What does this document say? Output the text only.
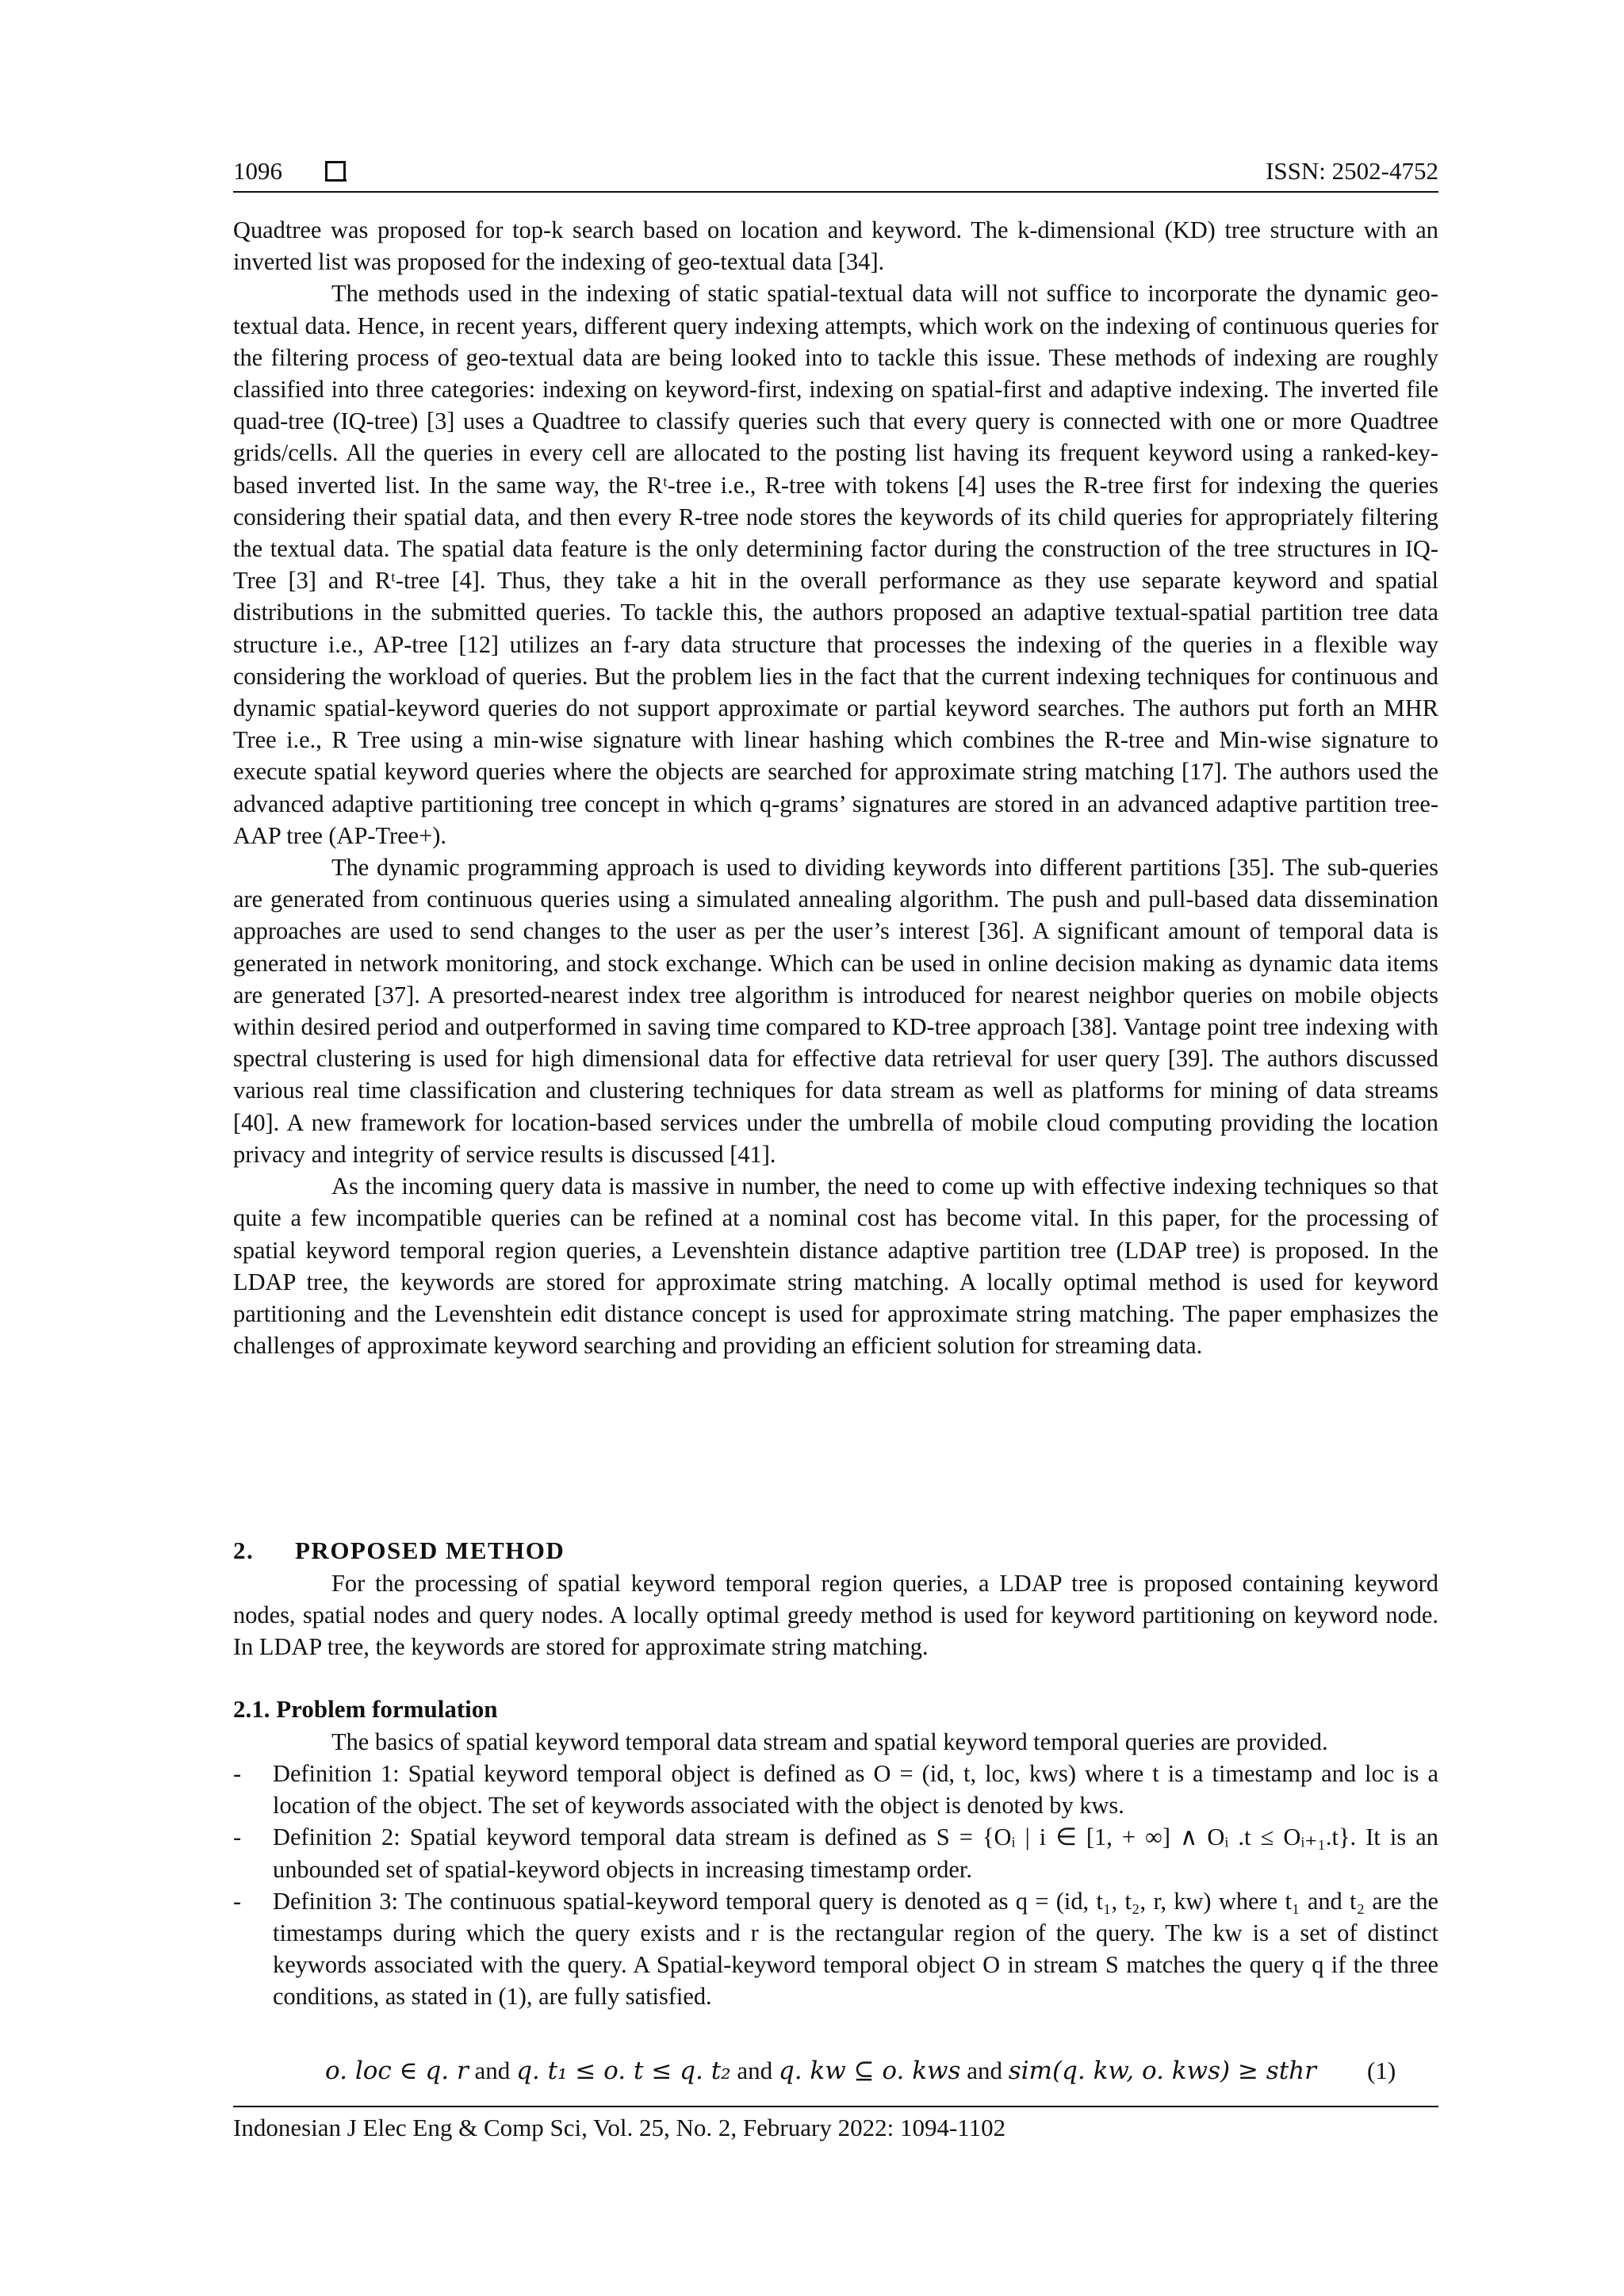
1096	ISSN: 2502-4752

Quadtree was proposed for top-k search based on location and keyword. The k-dimensional (KD) tree structure with an inverted list was proposed for the indexing of geo-textual data [34].

The methods used in the indexing of static spatial-textual data will not suffice to incorporate the dynamic geo-textual data. Hence, in recent years, different query indexing attempts, which work on the indexing of continuous queries for the filtering process of geo-textual data are being looked into to tackle this issue. These methods of indexing are roughly classified into three categories: indexing on keyword-first, indexing on spatial-first and adaptive indexing. The inverted file quad-tree (IQ-tree) [3] uses a Quadtree to classify queries such that every query is connected with one or more Quadtree grids/cells. All the queries in every cell are allocated to the posting list having its frequent keyword using a ranked-key-based inverted list. In the same way, the Rᵗ-tree i.e., R-tree with tokens [4] uses the R-tree first for indexing the queries considering their spatial data, and then every R-tree node stores the keywords of its child queries for appropriately filtering the textual data. The spatial data feature is the only determining factor during the construction of the tree structures in IQ-Tree [3] and Rᵗ-tree [4]. Thus, they take a hit in the overall performance as they use separate keyword and spatial distributions in the submitted queries. To tackle this, the authors proposed an adaptive textual-spatial partition tree data structure i.e., AP-tree [12] utilizes an f-ary data structure that processes the indexing of the queries in a flexible way considering the workload of queries. But the problem lies in the fact that the current indexing techniques for continuous and dynamic spatial-keyword queries do not support approximate or partial keyword searches. The authors put forth an MHR Tree i.e., R Tree using a min-wise signature with linear hashing which combines the R-tree and Min-wise signature to execute spatial keyword queries where the objects are searched for approximate string matching [17]. The authors used the advanced adaptive partitioning tree concept in which q-grams’ signatures are stored in an advanced adaptive partition tree-AAP tree (AP-Tree+).

The dynamic programming approach is used to dividing keywords into different partitions [35]. The sub-queries are generated from continuous queries using a simulated annealing algorithm. The push and pull-based data dissemination approaches are used to send changes to the user as per the user’s interest [36]. A significant amount of temporal data is generated in network monitoring, and stock exchange. Which can be used in online decision making as dynamic data items are generated [37]. A presorted-nearest index tree algorithm is introduced for nearest neighbor queries on mobile objects within desired period and outperformed in saving time compared to KD-tree approach [38]. Vantage point tree indexing with spectral clustering is used for high dimensional data for effective data retrieval for user query [39]. The authors discussed various real time classification and clustering techniques for data stream as well as platforms for mining of data streams [40]. A new framework for location-based services under the umbrella of mobile cloud computing providing the location privacy and integrity of service results is discussed [41].

As the incoming query data is massive in number, the need to come up with effective indexing techniques so that quite a few incompatible queries can be refined at a nominal cost has become vital. In this paper, for the processing of spatial keyword temporal region queries, a Levenshtein distance adaptive partition tree (LDAP tree) is proposed. In the LDAP tree, the keywords are stored for approximate string matching. A locally optimal method is used for keyword partitioning and the Levenshtein edit distance concept is used for approximate string matching. The paper emphasizes the challenges of approximate keyword searching and providing an efficient solution for streaming data.

2. PROPOSED METHOD

For the processing of spatial keyword temporal region queries, a LDAP tree is proposed containing keyword nodes, spatial nodes and query nodes. A locally optimal greedy method is used for keyword partitioning on keyword node. In LDAP tree, the keywords are stored for approximate string matching.

2.1. Problem formulation

The basics of spatial keyword temporal data stream and spatial keyword temporal queries are provided.

- Definition 1: Spatial keyword temporal object is defined as O = (id, t, loc, kws) where t is a timestamp and loc is a location of the object. The set of keywords associated with the object is denoted by kws.
- Definition 2: Spatial keyword temporal data stream is defined as S = {Oᵢ | i ∈ [1, + ∞] ∧ Oᵢ .t ≤ Oᵢ₊₁.t}. It is an unbounded set of spatial-keyword objects in increasing timestamp order.
- Definition 3: The continuous spatial-keyword temporal query is denoted as q = (id, t₁, t₂, r, kw) where t₁ and t₂ are the timestamps during which the query exists and r is the rectangular region of the query. The kw is a set of distinct keywords associated with the query. A Spatial-keyword temporal object O in stream S matches the query q if the three conditions, as stated in (1), are fully satisfied.
o. loc ∈ q. r and q. t₁ ≤ o. t ≤ q. t₂ and q. kw ⊆ o. kws and sim(q. kw, o. kws) ≥ sthr	(1)
Indonesian J Elec Eng & Comp Sci, Vol. 25, No. 2, February 2022: 1094-1102
